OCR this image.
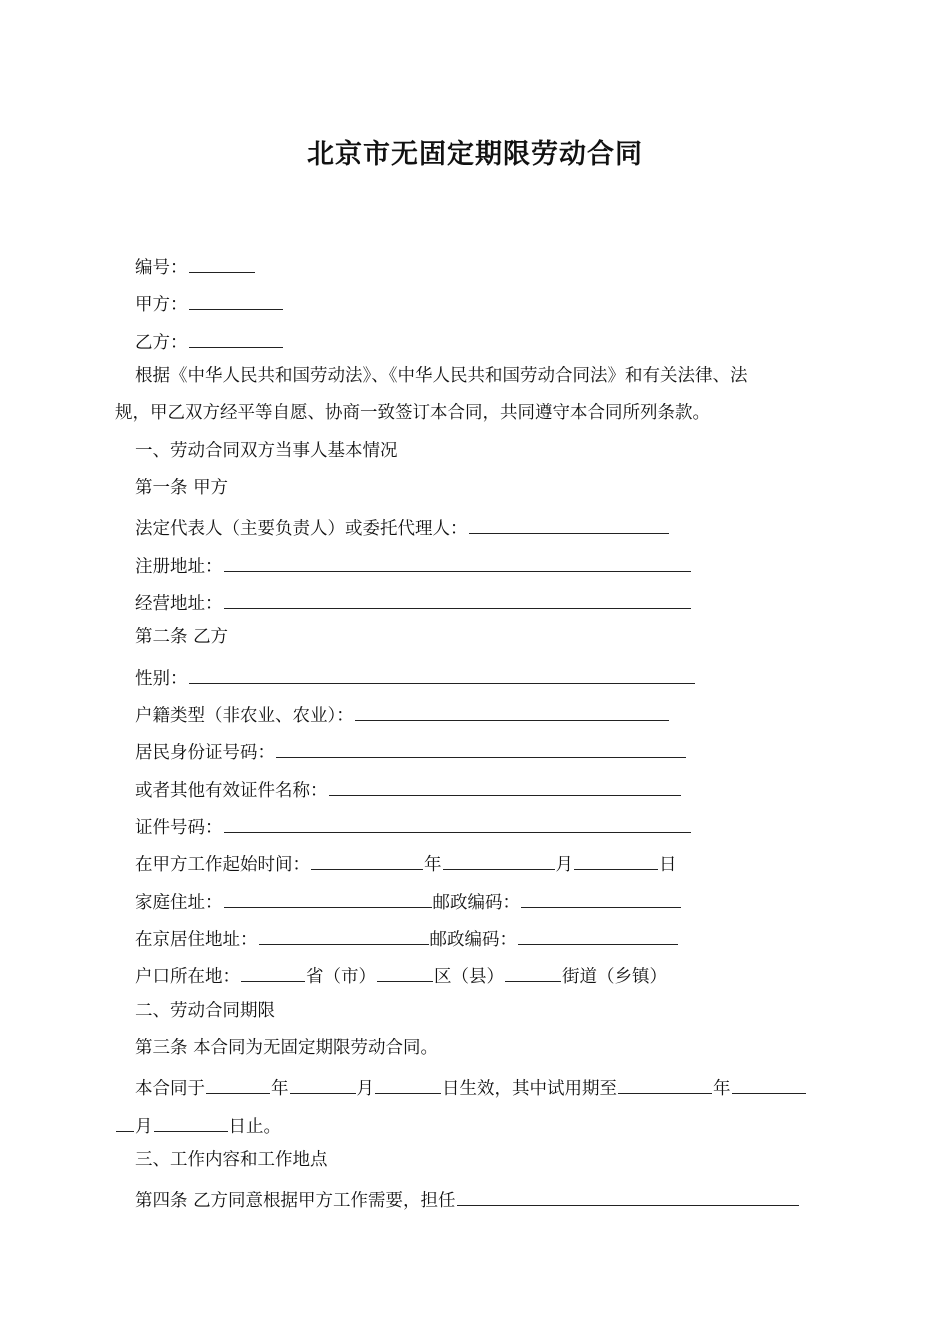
北京市无固定期限劳动合同
编号：
甲方：
乙方：
根据《中华人民共和国劳动法》、《中华人民共和国劳动合同法》和有关法律、法
规，甲乙双方经平等自愿、协商一致签订本合同，共同遵守本合同所列条款。
一、劳动合同双方当事人基本情况
第一条 甲方
法定代表人（主要负责人）或委托代理人：
注册地址：
经营地址：
第二条 乙方
性别：
户籍类型（非农业、农业）：
居民身份证号码：
或者其他有效证件名称：
证件号码：
在甲方工作起始时间：	年	月	日
家庭住址：	邮政编码：
在京居住地址：	邮政编码：
户口所在地：	省（市）	区（县）	街道（乡镇）
二、劳动合同期限
第三条 本合同为无固定期限劳动合同。
本合同于	年	月	日生效，其中试用期至	年
月	日止。
三、工作内容和工作地点
第四条 乙方同意根据甲方工作需要，担任
